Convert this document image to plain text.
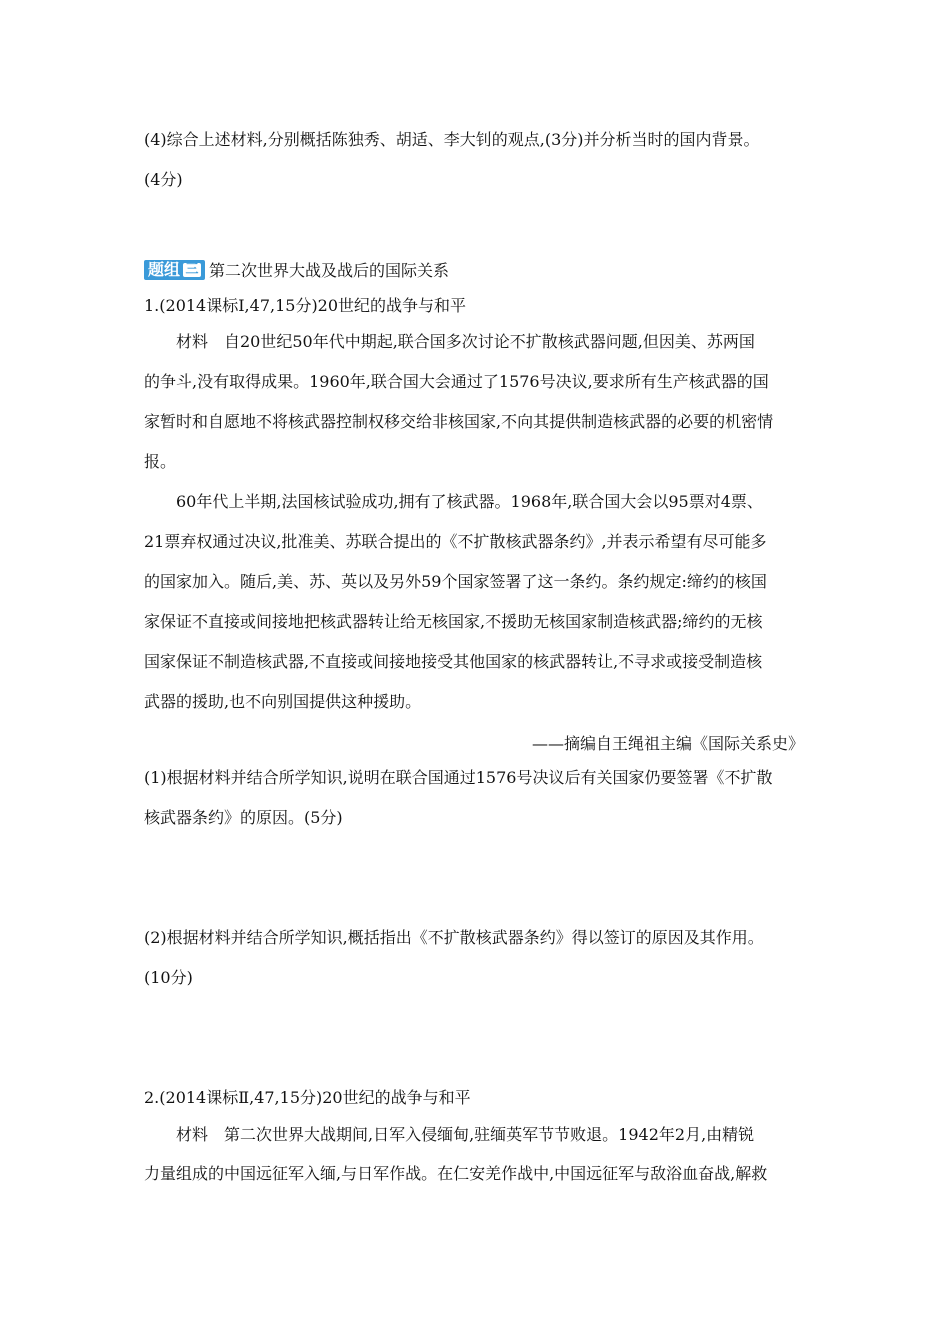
(4)综合上述材料,分别概括陈独秀、胡适、李大钊的观点,(3分)并分析当时的国内背景。
(4分)
题组 三 第二次世界大战及战后的国际关系
1.(2014课标Ⅰ,47,15分)20世纪的战争与和平
材料　自20世纪50年代中期起,联合国多次讨论不扩散核武器问题,但因美、苏两国
的争斗,没有取得成果。1960年,联合国大会通过了1576号决议,要求所有生产核武器的国
家暂时和自愿地不将核武器控制权移交给非核国家,不向其提供制造核武器的必要的机密情
报。
60年代上半期,法国核试验成功,拥有了核武器。1968年,联合国大会以95票对4票、
21票弃权通过决议,批准美、苏联合提出的《不扩散核武器条约》,并表示希望有尽可能多
的国家加入。随后,美、苏、英以及另外59个国家签署了这一条约。条约规定:缔约的核国
家保证不直接或间接地把核武器转让给无核国家,不援助无核国家制造核武器;缔约的无核
国家保证不制造核武器,不直接或间接地接受其他国家的核武器转让,不寻求或接受制造核
武器的援助,也不向别国提供这种援助。
——摘编自王绳祖主编《国际关系史》
(1)根据材料并结合所学知识,说明在联合国通过1576号决议后有关国家仍要签署《不扩散
核武器条约》的原因。(5分)
(2)根据材料并结合所学知识,概括指出《不扩散核武器条约》得以签订的原因及其作用。
(10分)
2.(2014课标Ⅱ,47,15分)20世纪的战争与和平
材料　第二次世界大战期间,日军入侵缅甸,驻缅英军节节败退。1942年2月,由精锐
力量组成的中国远征军入缅,与日军作战。在仁安羌作战中,中国远征军与敌浴血奋战,解救
